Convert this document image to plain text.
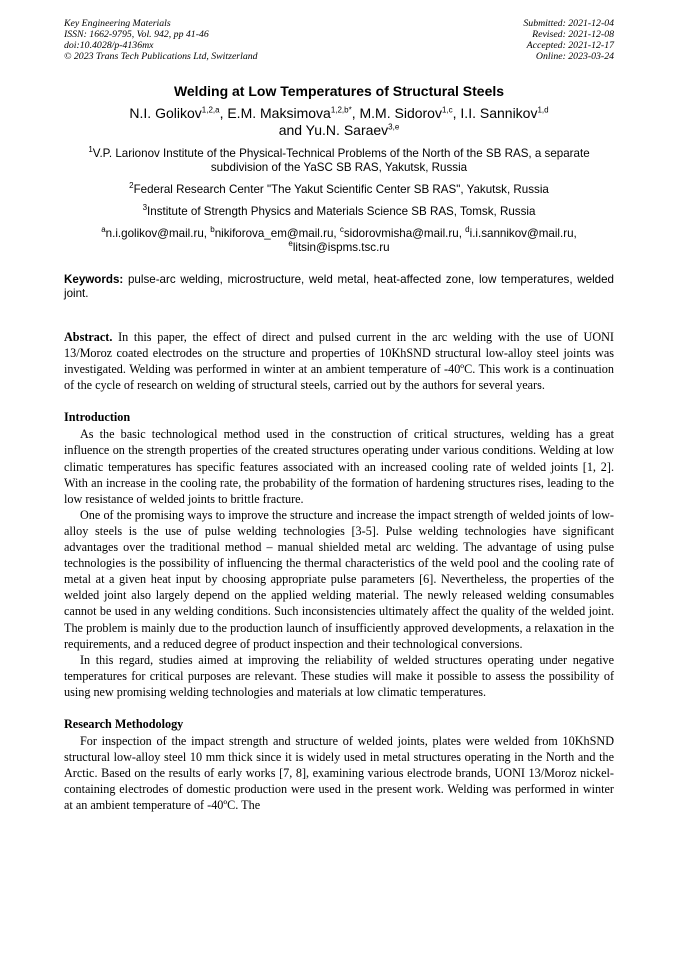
Key Engineering Materials
ISSN: 1662-9795, Vol. 942, pp 41-46
doi:10.4028/p-4136mx
© 2023 Trans Tech Publications Ltd, Switzerland
Submitted: 2021-12-04
Revised: 2021-12-08
Accepted: 2021-12-17
Online: 2023-03-24
Welding at Low Temperatures of Structural Steels
N.I. Golikov$^{1,2,a}$, E.M. Maksimova$^{1,2,b*}$, M.M. Sidorov$^{1,c}$, I.I. Sannikov$^{1,d}$
and Yu.N. Saraev$^{3,e}$
$^1$V.P. Larionov Institute of the Physical-Technical Problems of the North of the SB RAS, a separate subdivision of the YaSC SB RAS, Yakutsk, Russia
$^2$Federal Research Center "The Yakut Scientific Center SB RAS", Yakutsk, Russia
$^3$Institute of Strength Physics and Materials Science SB RAS, Tomsk, Russia
$^a$n.i.golikov@mail.ru, $^b$nikiforova_em@mail.ru, $^c$sidorovmisha@mail.ru, $^d$i.i.sannikov@mail.ru,
$^e$litsin@ispms.tsc.ru
Keywords: pulse-arc welding, microstructure, weld metal, heat-affected zone, low temperatures, welded joint.
Abstract. In this paper, the effect of direct and pulsed current in the arc welding with the use of UONI 13/Moroz coated electrodes on the structure and properties of 10KhSND structural low-alloy steel joints was investigated. Welding was performed in winter at an ambient temperature of -40ºC. This work is a continuation of the cycle of research on welding of structural steels, carried out by the authors for several years.
Introduction

As the basic technological method used in the construction of critical structures, welding has a great influence on the strength properties of the created structures operating under various conditions. Welding at low climatic temperatures has specific features associated with an increased cooling rate of welded joints [1, 2]. With an increase in the cooling rate, the probability of the formation of hardening structures rises, leading to the low resistance of welded joints to brittle fracture.

One of the promising ways to improve the structure and increase the impact strength of welded joints of low-alloy steels is the use of pulse welding technologies [3-5]. Pulse welding technologies have significant advantages over the traditional method – manual shielded metal arc welding. The advantage of using pulse technologies is the possibility of influencing the thermal characteristics of the weld pool and the cooling rate of metal at a given heat input by choosing appropriate pulse parameters [6]. Nevertheless, the properties of the welded joint also largely depend on the applied welding material. The newly released welding consumables cannot be used in any welding conditions. Such inconsistencies ultimately affect the quality of the welded joint. The problem is mainly due to the production launch of insufficiently approved developments, a relaxation in the requirements, and a reduced degree of product inspection and their technological conversions.

In this regard, studies aimed at improving the reliability of welded structures operating under negative temperatures for critical purposes are relevant. These studies will make it possible to assess the possibility of using new promising welding technologies and materials at low climatic temperatures.

Research Methodology

For inspection of the impact strength and structure of welded joints, plates were welded from 10KhSND structural low-alloy steel 10 mm thick since it is widely used in metal structures operating in the North and the Arctic. Based on the results of early works [7, 8], examining various electrode brands, UONI 13/Moroz nickel-containing electrodes of domestic production were used in the present work. Welding was performed in winter at an ambient temperature of -40ºC. The
